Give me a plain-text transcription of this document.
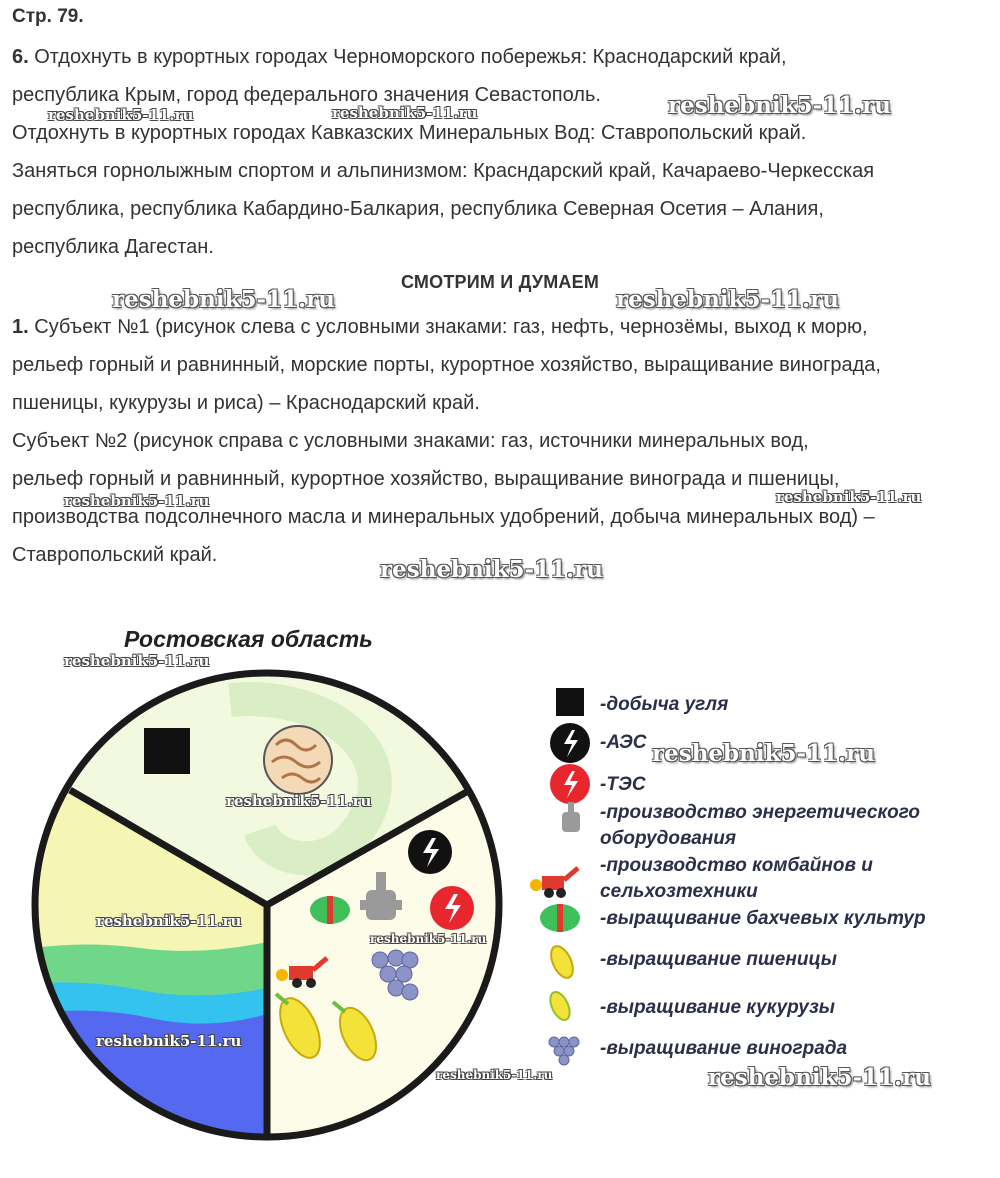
Стр. 79.
6. Отдохнуть в курортных городах Черноморского побережья: Краснодарский край,
республика Крым, город федерального значения Севастополь.
Отдохнуть в курортных городах Кавказских Минеральных Вод: Ставропольский край.
Заняться горнолыжным спортом и альпинизмом: Красндарский край, Качараево-Черкесская
республика, республика Кабардино-Балкария, республика Северная Осетия – Алания,
республика Дагестан.
СМОТРИМ И ДУМАЕМ
1. Субъект №1 (рисунок слева с условными знаками: газ, нефть, чернозёмы, выход к морю,
рельеф горный и равнинный, морские порты, курортное хозяйство, выращивание винограда,
пшеницы, кукурузы и риса) – Краснодарский край.
Субъект №2 (рисунок справа с условными знаками: газ, источники минеральных вод,
рельеф горный и равнинный, курортное хозяйство, выращивание винограда и пшеницы,
производства подсолнечного масла и минеральных удобрений, добыча минеральных вод) –
Ставропольский край.
Ростовская область
-добыча угля
-АЭС
-ТЭС
-производство энергетического
оборудования
-производство комбайнов и
сельхозтехники
-выращивание бахчевых культур
-выращивание пшеницы
-выращивание кукурузы
-выращивание винограда
reshebnik5-11.ru	reshebnik5-11.ru	reshebnik5-11.ru
reshebnik5-11.ru	reshebnik5-11.ru
reshebnik5-11.ru	reshebnik5-11.ru
reshebnik5-11.ru
reshebnik5-11.ru
reshebnik5-11.ru
reshebnik5-11.ru
reshebnik5-11.ru
reshebnik5-11.ru
reshebnik5-11.ru
reshebnik5-11.ru	reshebnik5-11.ru
